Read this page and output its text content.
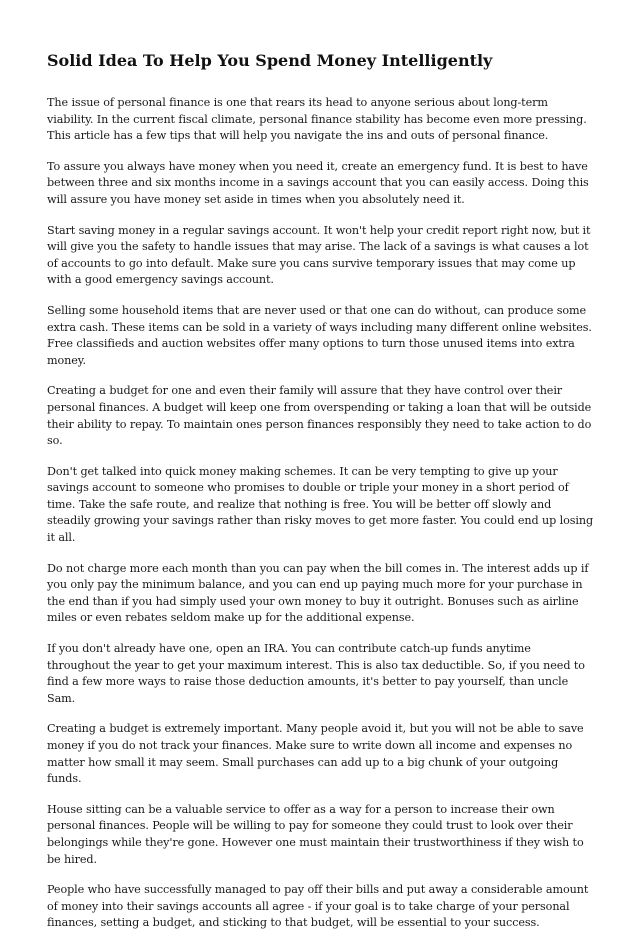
Solid Idea To Help You Spend Money Intelligently

The issue of personal finance is one that rears its head to anyone serious about long-term viability. In the current fiscal climate, personal finance stability has become even more pressing. This article has a few tips that will help you navigate the ins and outs of personal finance.

To assure you always have money when you need it, create an emergency fund. It is best to have between three and six months income in a savings account that you can easily access. Doing this will assure you have money set aside in times when you absolutely need it.

Start saving money in a regular savings account. It won't help your credit report right now, but it will give you the safety to handle issues that may arise. The lack of a savings is what causes a lot of accounts to go into default. Make sure you cans survive temporary issues that may come up with a good emergency savings account.

Selling some household items that are never used or that one can do without, can produce some extra cash. These items can be sold in a variety of ways including many different online websites. Free classifieds and auction websites offer many options to turn those unused items into extra money.

Creating a budget for one and even their family will assure that they have control over their personal finances. A budget will keep one from overspending or taking a loan that will be outside their ability to repay. To maintain ones person finances responsibly they need to take action to do so.

Don't get talked into quick money making schemes. It can be very tempting to give up your savings account to someone who promises to double or triple your money in a short period of time. Take the safe route, and realize that nothing is free. You will be better off slowly and steadily growing your savings rather than risky moves to get more faster. You could end up losing it all.

Do not charge more each month than you can pay when the bill comes in. The interest adds up if you only pay the minimum balance, and you can end up paying much more for your purchase in the end than if you had simply used your own money to buy it outright. Bonuses such as airline miles or even rebates seldom make up for the additional expense.

If you don't already have one, open an IRA. You can contribute catch-up funds anytime throughout the year to get your maximum interest. This is also tax deductible. So, if you need to find a few more ways to raise those deduction amounts, it's better to pay yourself, than uncle Sam.

Creating a budget is extremely important. Many people avoid it, but you will not be able to save money if you do not track your finances. Make sure to write down all income and expenses no matter how small it may seem. Small purchases can add up to a big chunk of your outgoing funds.

House sitting can be a valuable service to offer as a way for a person to increase their own personal finances. People will be willing to pay for someone they could trust to look over their belongings while they're gone. However one must maintain their trustworthiness if they wish to be hired.

People who have successfully managed to pay off their bills and put away a considerable amount of money into their savings accounts all agree - if your goal is to take charge of your personal finances, setting a budget, and sticking to that budget, will be essential to your success.
